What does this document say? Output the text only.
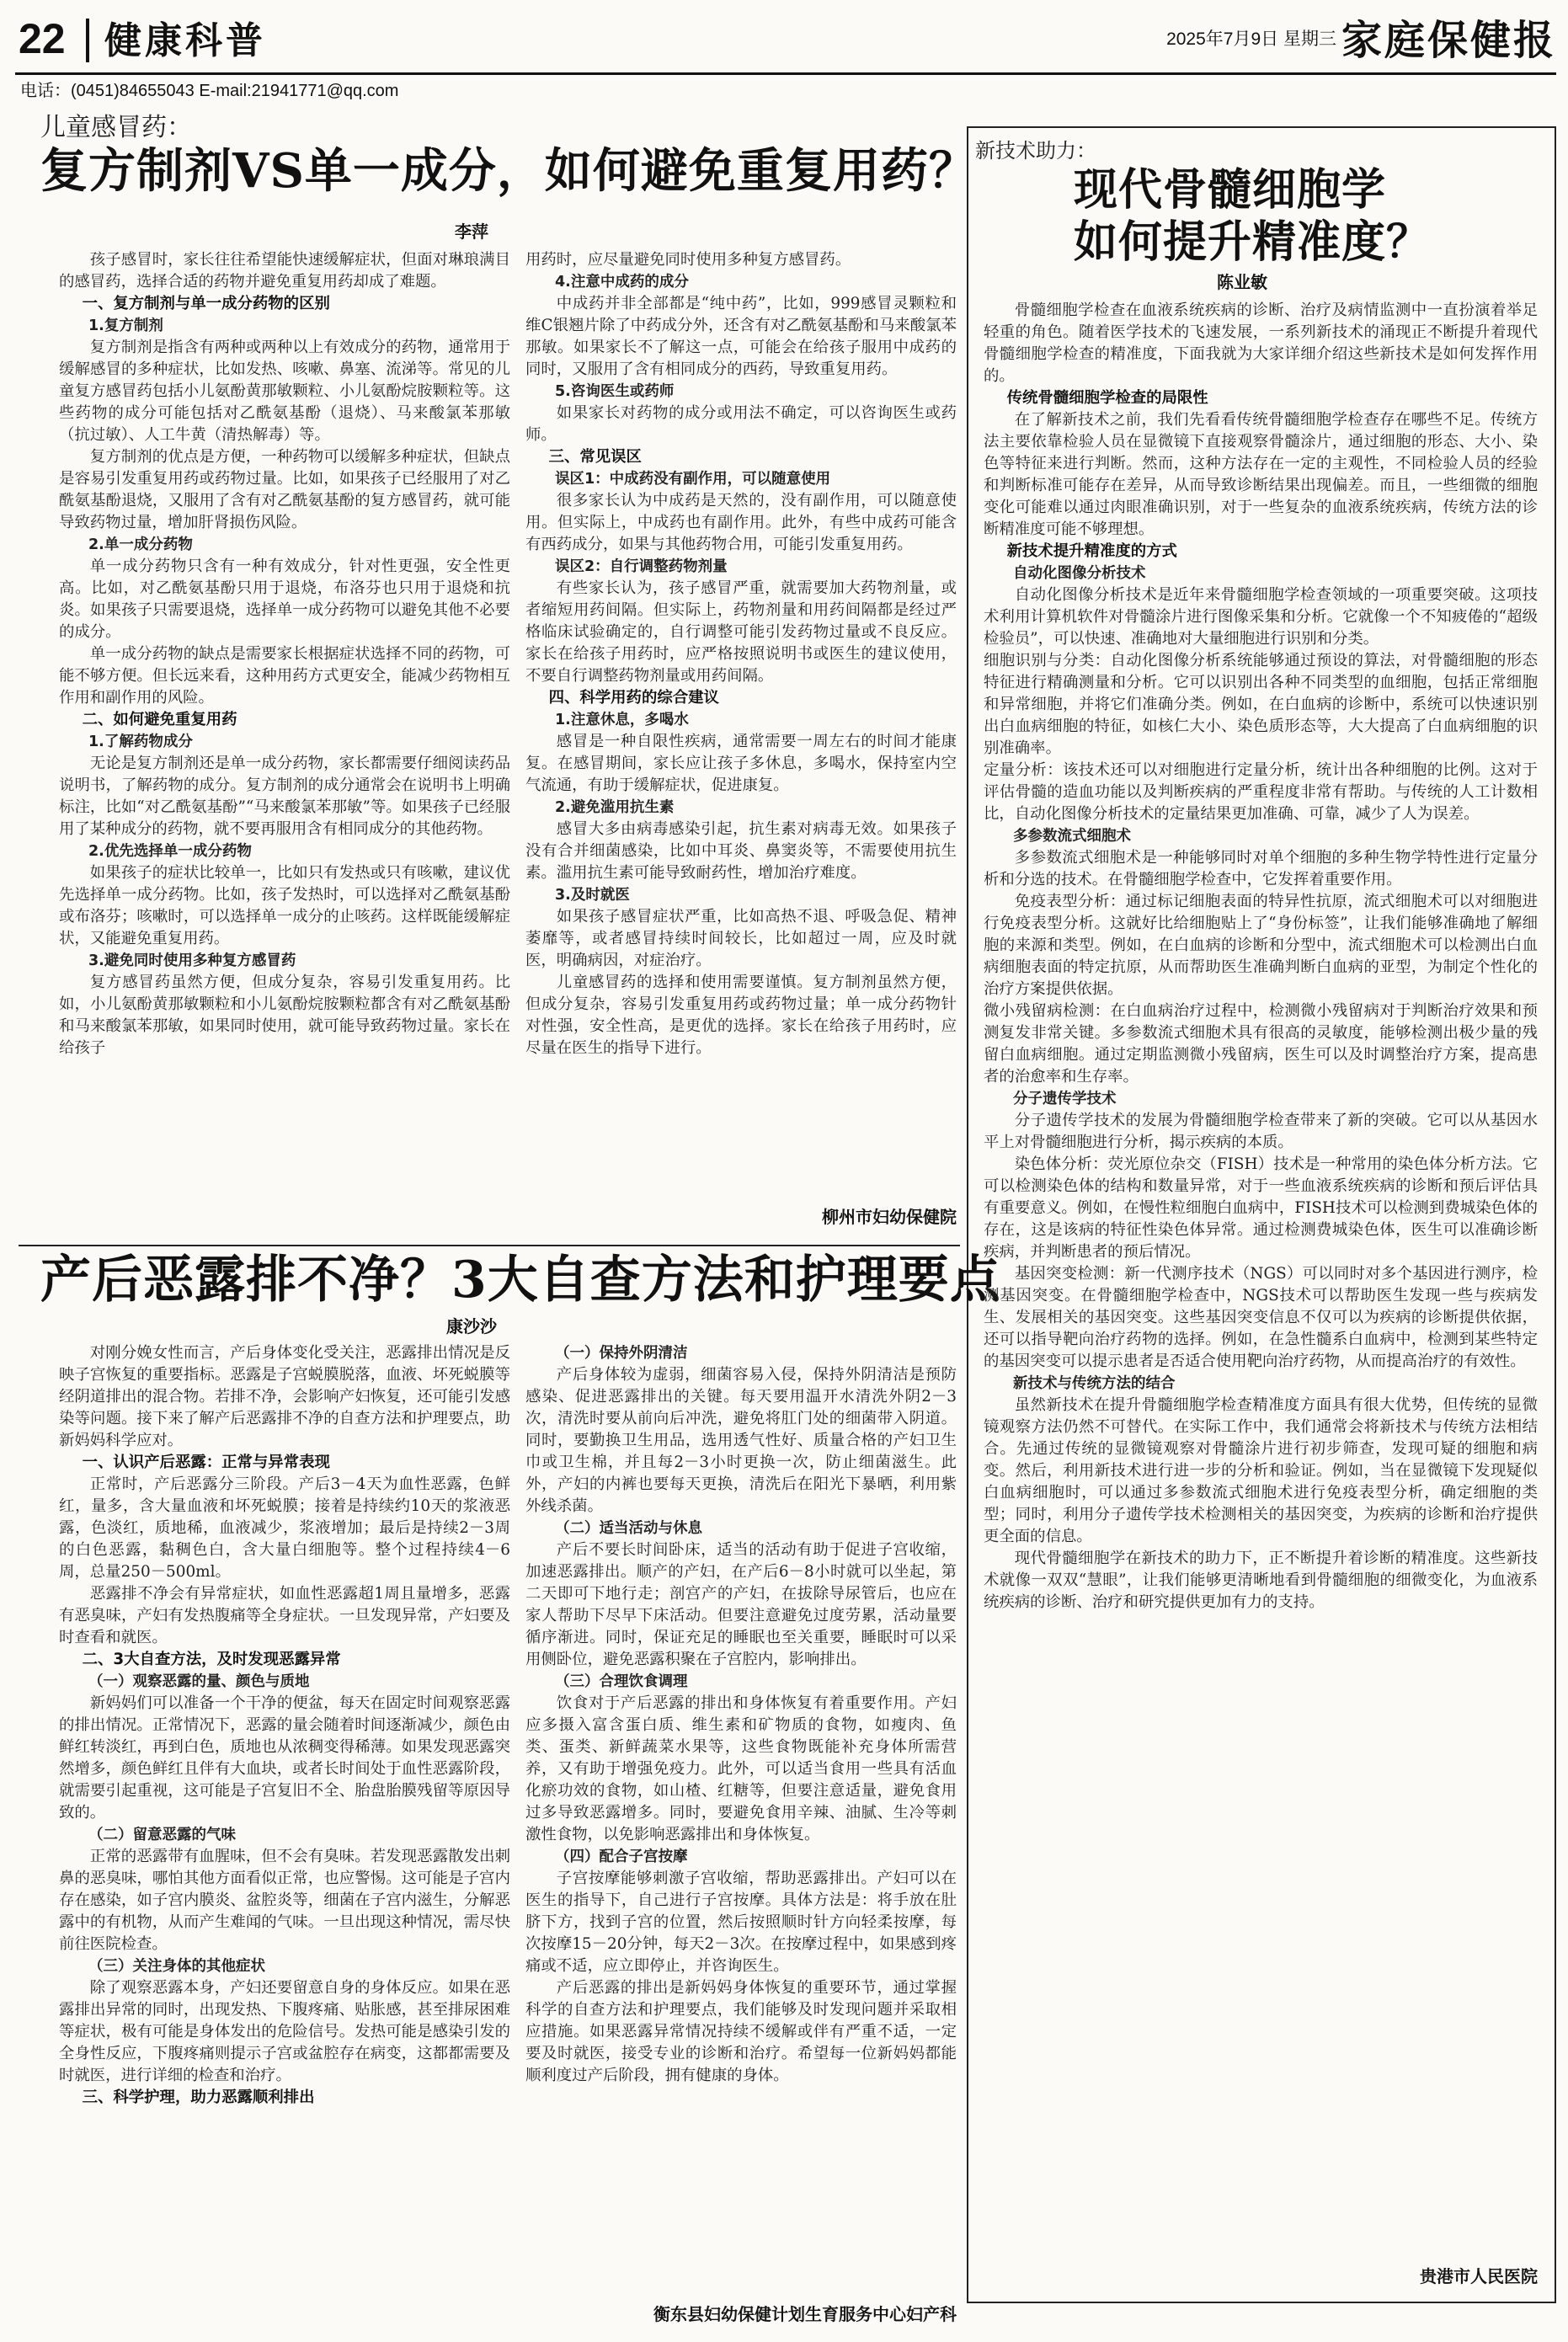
22 健康科普	2025年7月9日 星期三 家庭保健报
电话：(0451)84655043 E-mail:21941771@qq.com
儿童感冒药：
复方制剂VS单一成分，如何避免重复用药？
李萍

孩子感冒时，家长往往希望能快速缓解症状，但面对琳琅满目的感冒药，选择合适的药物并避免重复用药却成了难题。

一、复方制剂与单一成分药物的区别

1.复方制剂

复方制剂是指含有两种或两种以上有效成分的药物，通常用于缓解感冒的多种症状，比如发热、咳嗽、鼻塞、流涕等。常见的儿童复方感冒药包括小儿氨酚黄那敏颗粒、小儿氨酚烷胺颗粒等。这些药物的成分可能包括对乙酰氨基酚（退烧）、马来酸氯苯那敏（抗过敏）、人工牛黄（清热解毒）等。

复方制剂的优点是方便，一种药物可以缓解多种症状，但缺点是容易引发重复用药或药物过量。比如，如果孩子已经服用了对乙酰氨基酚退烧，又服用了含有对乙酰氨基酚的复方感冒药，就可能导致药物过量，增加肝肾损伤风险。

2.单一成分药物

单一成分药物只含有一种有效成分，针对性更强，安全性更高。比如，对乙酰氨基酚只用于退烧，布洛芬也只用于退烧和抗炎。如果孩子只需要退烧，选择单一成分药物可以避免其他不必要的成分。

单一成分药物的缺点是需要家长根据症状选择不同的药物，可能不够方便。但长远来看，这种用药方式更安全，能减少药物相互作用和副作用的风险。

二、如何避免重复用药

1.了解药物成分

无论是复方制剂还是单一成分药物，家长都需要仔细阅读药品说明书，了解药物的成分。复方制剂的成分通常会在说明书上明确标注，比如“对乙酰氨基酚”“马来酸氯苯那敏”等。如果孩子已经服用了某种成分的药物，就不要再服用含有相同成分的其他药物。

2.优先选择单一成分药物

如果孩子的症状比较单一，比如只有发热或只有咳嗽，建议优先选择单一成分药物。比如，孩子发热时，可以选择对乙酰氨基酚或布洛芬；咳嗽时，可以选择单一成分的止咳药。这样既能缓解症状，又能避免重复用药。

3.避免同时使用多种复方感冒药

复方感冒药虽然方便，但成分复杂，容易引发重复用药。比如，小儿氨酚黄那敏颗粒和小儿氨酚烷胺颗粒都含有对乙酰氨基酚和马来酸氯苯那敏，如果同时使用，就可能导致药物过量。家长在给孩子

用药时，应尽量避免同时使用多种复方感冒药。

4.注意中成药的成分

中成药并非全部都是“纯中药”，比如，999感冒灵颗粒和维C银翘片除了中药成分外，还含有对乙酰氨基酚和马来酸氯苯那敏。如果家长不了解这一点，可能会在给孩子服用中成药的同时，又服用了含有相同成分的西药，导致重复用药。

5.咨询医生或药师

如果家长对药物的成分或用法不确定，可以咨询医生或药师。

三、常见误区

误区1：中成药没有副作用，可以随意使用

很多家长认为中成药是天然的，没有副作用，可以随意使用。但实际上，中成药也有副作用。此外，有些中成药可能含有西药成分，如果与其他药物合用，可能引发重复用药。

误区2：自行调整药物剂量

有些家长认为，孩子感冒严重，就需要加大药物剂量，或者缩短用药间隔。但实际上，药物剂量和用药间隔都是经过严格临床试验确定的，自行调整可能引发药物过量或不良反应。家长在给孩子用药时，应严格按照说明书或医生的建议使用，不要自行调整药物剂量或用药间隔。

四、科学用药的综合建议

1.注意休息，多喝水

感冒是一种自限性疾病，通常需要一周左右的时间才能康复。在感冒期间，家长应让孩子多休息，多喝水，保持室内空气流通，有助于缓解症状，促进康复。

2.避免滥用抗生素

感冒大多由病毒感染引起，抗生素对病毒无效。如果孩子没有合并细菌感染，比如中耳炎、鼻窦炎等，不需要使用抗生素。滥用抗生素可能导致耐药性，增加治疗难度。

3.及时就医

如果孩子感冒症状严重，比如高热不退、呼吸急促、精神萎靡等，或者感冒持续时间较长，比如超过一周，应及时就医，明确病因，对症治疗。

儿童感冒药的选择和使用需要谨慎。复方制剂虽然方便，但成分复杂，容易引发重复用药或药物过量；单一成分药物针对性强，安全性高，是更优的选择。家长在给孩子用药时，应尽量在医生的指导下进行。

柳州市妇幼保健院
产后恶露排不净？3大自查方法和护理要点
康沙沙

对刚分娩女性而言，产后身体变化受关注，恶露排出情况是反映子宫恢复的重要指标。恶露是子宫蜕膜脱落，血液、坏死蜕膜等经阴道排出的混合物。若排不净，会影响产妇恢复，还可能引发感染等问题。接下来了解产后恶露排不净的自查方法和护理要点，助新妈妈科学应对。

一、认识产后恶露：正常与异常表现

正常时，产后恶露分三阶段。产后3－4天为血性恶露，色鲜红，量多，含大量血液和坏死蜕膜；接着是持续约10天的浆液恶露，色淡红，质地稀，血液减少，浆液增加；最后是持续2－3周的白色恶露，黏稠色白，含大量白细胞等。整个过程持续4－6周，总量250－500ml。

恶露排不净会有异常症状，如血性恶露超1周且量增多，恶露有恶臭味，产妇有发热腹痛等全身症状。一旦发现异常，产妇要及时查看和就医。

二、3大自查方法，及时发现恶露异常

（一）观察恶露的量、颜色与质地

新妈妈们可以准备一个干净的便盆，每天在固定时间观察恶露的排出情况。正常情况下，恶露的量会随着时间逐渐减少，颜色由鲜红转淡红，再到白色，质地也从浓稠变得稀薄。如果发现恶露突然增多，颜色鲜红且伴有大血块，或者长时间处于血性恶露阶段，就需要引起重视，这可能是子宫复旧不全、胎盘胎膜残留等原因导致的。

（二）留意恶露的气味

正常的恶露带有血腥味，但不会有臭味。若发现恶露散发出刺鼻的恶臭味，哪怕其他方面看似正常，也应警惕。这可能是子宫内存在感染，如子宫内膜炎、盆腔炎等，细菌在子宫内滋生，分解恶露中的有机物，从而产生难闻的气味。一旦出现这种情况，需尽快前往医院检查。

（三）关注身体的其他症状

除了观察恶露本身，产妇还要留意自身的身体反应。如果在恶露排出异常的同时，出现发热、下腹疼痛、贴胀感，甚至排尿困难等症状，极有可能是身体发出的危险信号。发热可能是感染引发的全身性反应，下腹疼痛则提示子宫或盆腔存在病变，这都都需要及时就医，进行详细的检查和治疗。

三、科学护理，助力恶露顺利排出

（一）保持外阴清洁

产后身体较为虚弱，细菌容易入侵，保持外阴清洁是预防感染、促进恶露排出的关键。每天要用温开水清洗外阴2－3次，清洗时要从前向后冲洗，避免将肛门处的细菌带入阴道。同时，要勤换卫生用品，选用透气性好、质量合格的产妇卫生巾或卫生棉，并且每2－3小时更换一次，防止细菌滋生。此外，产妇的内裤也要每天更换，清洗后在阳光下暴晒，利用紫外线杀菌。

（二）适当活动与休息

产后不要长时间卧床，适当的活动有助于促进子宫收缩，加速恶露排出。顺产的产妇，在产后6－8小时就可以坐起，第二天即可下地行走；剖宫产的产妇，在拔除导尿管后，也应在家人帮助下尽早下床活动。但要注意避免过度劳累，活动量要循序渐进。同时，保证充足的睡眠也至关重要，睡眠时可以采用侧卧位，避免恶露积聚在子宫腔内，影响排出。

（三）合理饮食调理

饮食对于产后恶露的排出和身体恢复有着重要作用。产妇应多摄入富含蛋白质、维生素和矿物质的食物，如瘦肉、鱼类、蛋类、新鲜蔬菜水果等，这些食物既能补充身体所需营养，又有助于增强免疫力。此外，可以适当食用一些具有活血化瘀功效的食物，如山楂、红糖等，但要注意适量，避免食用过多导致恶露增多。同时，要避免食用辛辣、油腻、生冷等刺激性食物，以免影响恶露排出和身体恢复。

（四）配合子宫按摩

子宫按摩能够刺激子宫收缩，帮助恶露排出。产妇可以在医生的指导下，自己进行子宫按摩。具体方法是：将手放在肚脐下方，找到子宫的位置，然后按照顺时针方向轻柔按摩，每次按摩15－20分钟，每天2－3次。在按摩过程中，如果感到疼痛或不适，应立即停止，并咨询医生。

产后恶露的排出是新妈妈身体恢复的重要环节，通过掌握科学的自查方法和护理要点，我们能够及时发现问题并采取相应措施。如果恶露异常情况持续不缓解或伴有严重不适，一定要及时就医，接受专业的诊断和治疗。希望每一位新妈妈都能顺利度过产后阶段，拥有健康的身体。

衡东县妇幼保健计划生育服务中心妇产科
新技术助力：
现代骨髓细胞学
如何提升精准度？
陈业敏

骨髓细胞学检查在血液系统疾病的诊断、治疗及病情监测中一直扮演着举足轻重的角色。随着医学技术的飞速发展，一系列新技术的涌现正不断提升着现代骨髓细胞学检查的精准度，下面我就为大家详细介绍这些新技术是如何发挥作用的。

传统骨髓细胞学检查的局限性

在了解新技术之前，我们先看看传统骨髓细胞学检查存在哪些不足。传统方法主要依靠检验人员在显微镜下直接观察骨髓涂片，通过细胞的形态、大小、染色等特征来进行判断。然而，这种方法存在一定的主观性，不同检验人员的经验和判断标准可能存在差异，从而导致诊断结果出现偏差。而且，一些细微的细胞变化可能难以通过肉眼准确识别，对于一些复杂的血液系统疾病，传统方法的诊断精准度可能不够理想。

新技术提升精准度的方式

自动化图像分析技术

自动化图像分析技术是近年来骨髓细胞学检查领域的一项重要突破。这项技术利用计算机软件对骨髓涂片进行图像采集和分析。它就像一个不知疲倦的“超级检验员”，可以快速、准确地对大量细胞进行识别和分类。

细胞识别与分类：自动化图像分析系统能够通过预设的算法，对骨髓细胞的形态特征进行精确测量和分析。它可以识别出各种不同类型的血细胞，包括正常细胞和异常细胞，并将它们准确分类。例如，在白血病的诊断中，系统可以快速识别出白血病细胞的特征，如核仁大小、染色质形态等，大大提高了白血病细胞的识别准确率。

定量分析：该技术还可以对细胞进行定量分析，统计出各种细胞的比例。这对于评估骨髓的造血功能以及判断疾病的严重程度非常有帮助。与传统的人工计数相比，自动化图像分析技术的定量结果更加准确、可靠，减少了人为误差。

多参数流式细胞术

多参数流式细胞术是一种能够同时对单个细胞的多种生物学特性进行定量分析和分选的技术。在骨髓细胞学检查中，它发挥着重要作用。

免疫表型分析：通过标记细胞表面的特异性抗原，流式细胞术可以对细胞进行免疫表型分析。这就好比给细胞贴上了“身份标签”，让我们能够准确地了解细胞的来源和类型。例如，在白血病的诊断和分型中，流式细胞术可以检测出白血病细胞表面的特定抗原，从而帮助医生准确判断白血病的亚型，为制定个性化的治疗方案提供依据。

微小残留病检测：在白血病治疗过程中，检测微小残留病对于判断治疗效果和预测复发非常关键。多参数流式细胞术具有很高的灵敏度，能够检测出极少量的残留白血病细胞。通过定期监测微小残留病，医生可以及时调整治疗方案，提高患者的治愈率和生存率。

分子遗传学技术

分子遗传学技术的发展为骨髓细胞学检查带来了新的突破。它可以从基因水平上对骨髓细胞进行分析，揭示疾病的本质。

染色体分析：荧光原位杂交（FISH）技术是一种常用的染色体分析方法。它可以检测染色体的结构和数量异常，对于一些血液系统疾病的诊断和预后评估具有重要意义。例如，在慢性粒细胞白血病中，FISH技术可以检测到费城染色体的存在，这是该病的特征性染色体异常。通过检测费城染色体，医生可以准确诊断疾病，并判断患者的预后情况。

基因突变检测：新一代测序技术（NGS）可以同时对多个基因进行测序，检测基因突变。在骨髓细胞学检查中，NGS技术可以帮助医生发现一些与疾病发生、发展相关的基因突变。这些基因突变信息不仅可以为疾病的诊断提供依据，还可以指导靶向治疗药物的选择。例如，在急性髓系白血病中，检测到某些特定的基因突变可以提示患者是否适合使用靶向治疗药物，从而提高治疗的有效性。

新技术与传统方法的结合

虽然新技术在提升骨髓细胞学检查精准度方面具有很大优势，但传统的显微镜观察方法仍然不可替代。在实际工作中，我们通常会将新技术与传统方法相结合。先通过传统的显微镜观察对骨髓涂片进行初步筛查，发现可疑的细胞和病变。然后，利用新技术进行进一步的分析和验证。例如，当在显微镜下发现疑似白血病细胞时，可以通过多参数流式细胞术进行免疫表型分析，确定细胞的类型；同时，利用分子遗传学技术检测相关的基因突变，为疾病的诊断和治疗提供更全面的信息。

现代骨髓细胞学在新技术的助力下，正不断提升着诊断的精准度。这些新技术就像一双双“慧眼”，让我们能够更清晰地看到骨髓细胞的细微变化，为血液系统疾病的诊断、治疗和研究提供更加有力的支持。

贵港市人民医院
